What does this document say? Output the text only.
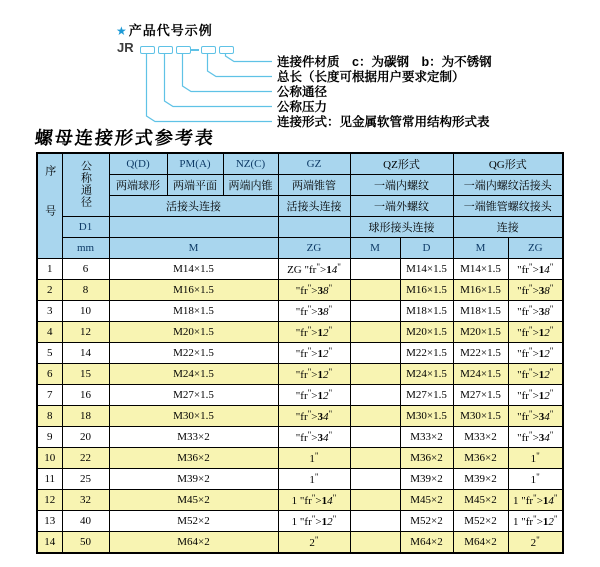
★ 产品代号示例
JR
连接件材质　c：为碳钢　b：为不锈钢
总长（长度可根据用户要求定制）
公称通径
公称压力
连接形式：见金属软管常用结构形式表
螺母连接形式参考表
序号	公称通径	Q(D)	PM(A)	NZ(C)	GZ	QZ形式		QG形式	
		两端球形	两端平面	两端内锥	两端锥管	一端内螺纹		一端内螺纹活接头	
		活接头连接			活接头连接	一端外螺纹		一端锥管螺纹接头	
	D1					球形接头连接		连接	
	mm	M			ZG	M	D	M	ZG
1	6	M14×1.5			ZG "fr">14"		M14×1.5	M14×1.5	"fr">14"
2	8	M16×1.5			"fr">38"		M16×1.5	M16×1.5	"fr">38"
3	10	M18×1.5			"fr">38"		M18×1.5	M18×1.5	"fr">38"
4	12	M20×1.5			"fr">12"		M20×1.5	M20×1.5	"fr">12"
5	14	M22×1.5			"fr">12"		M22×1.5	M22×1.5	"fr">12"
6	15	M24×1.5			"fr">12"		M24×1.5	M24×1.5	"fr">12"
7	16	M27×1.5			"fr">12"		M27×1.5	M27×1.5	"fr">12"
8	18	M30×1.5			"fr">34"		M30×1.5	M30×1.5	"fr">34"
9	20	M33×2			"fr">34"		M33×2	M33×2	"fr">34"
10	22	M36×2			1"		M36×2	M36×2	1"
11	25	M39×2			1"		M39×2	M39×2	1"
12	32	M45×2			1 "fr">14"		M45×2	M45×2	1 "fr">14"
13	40	M52×2			1 "fr">12"		M52×2	M52×2	1 "fr">12"
14	50	M64×2			2"		M64×2	M64×2	2"
